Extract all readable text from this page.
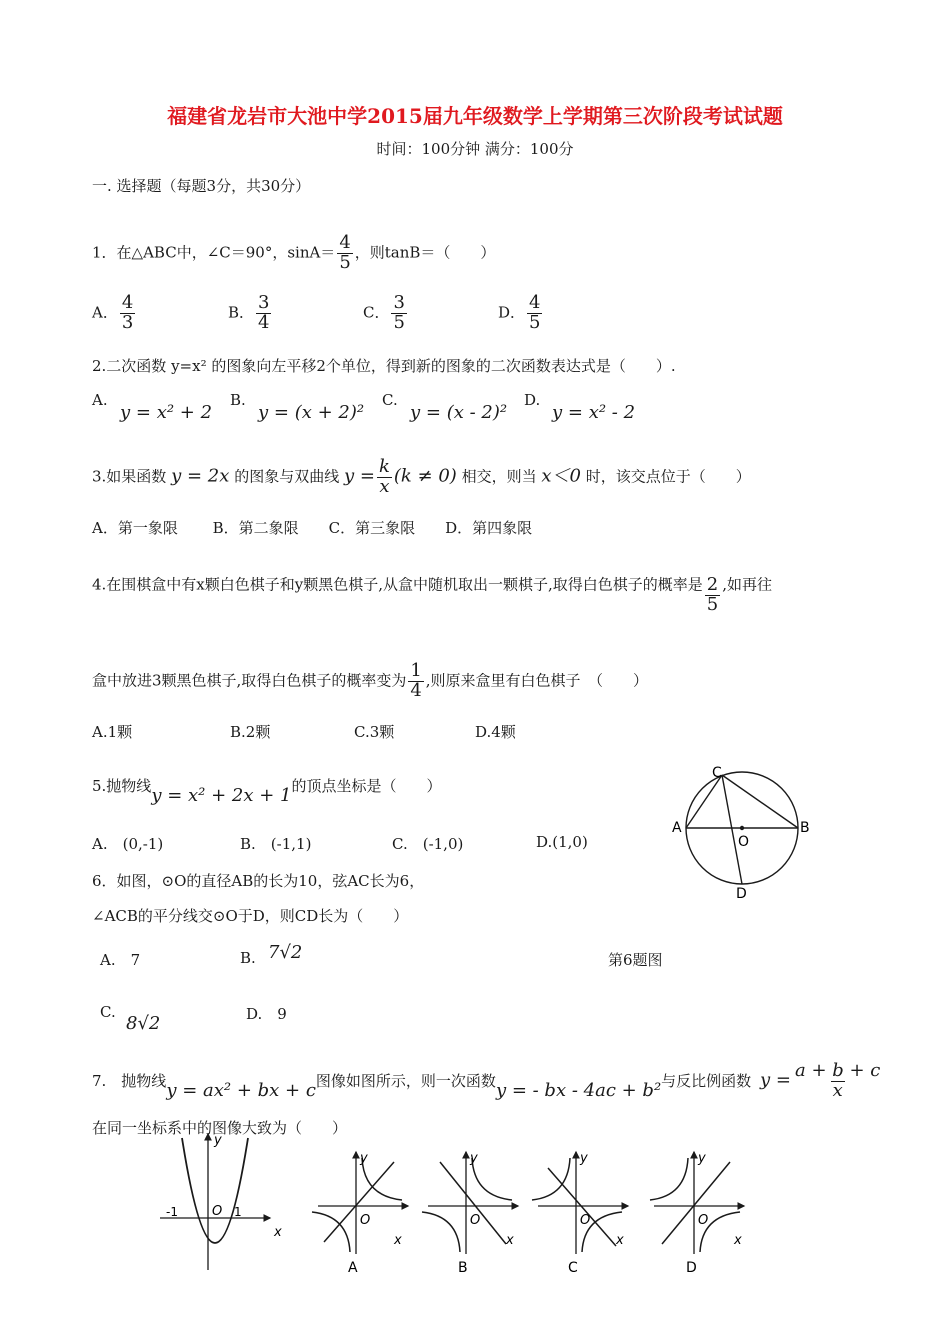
福建省龙岩市大池中学2015届九年级数学上学期第三次阶段考试试题
时间：100分钟 满分：100分
一. 选择题（每题3分，共30分）
1．在△ABC中，∠C＝90°，$\sin A= \frac{4}{5}$ ，则tanB＝（　　）
A． $\frac{4}{3}$	B． $\frac{3}{4}$	C． $\frac{3}{5}$	D． $\frac{4}{5}$
2.二次函数 y=x² 的图象向左平移2个单位，得到新的图象的二次函数表达式是（　　）.
A.
y = x² + 2
B.
y = (x + 2)²
C.
y = (x - 2)²
D.
y = x² - 2
3.如果函数 y = 2x 的图象与双曲线 $y = \frac{k}{x} (k \ne 0)$ 相交，则当 x＜0 时，该交点位于（　　）
A．第一象限　　 B．第二象限　　C．第三象限　　D．第四象限
4.在围棋盒中有x颗白色棋子和y颗黑色棋子,从盒中随机取出一颗棋子,取得白色棋子的概率是 $\frac{2}{5}$ ,如再往
盒中放进3颗黑色棋子,取得白色棋子的概率变为 $\frac{1}{4}$ ,则原来盒里有白色棋子　（　　）
A.1颗	B.2颗	C.3颗	D.4颗
5.抛物线y = x² + 2x + 1的顶点坐标是（　　）
A.　(0,-1)	B.　(-1,1)	C.　(-1,0)	D.(1,0)
6．如图，⊙O的直径AB的长为10，弦AC长为6，
∠ACB的平分线交⊙O于D，则CD长为（　　）
A.　7	B. 7√2	第6题图
C.
8√2	D.　9
C
A	B
O
D
7.　抛物线y = ax² + bx + c图像如图所示，则一次函数y = - bx - 4ac + b²与反比例函数 $y = \frac{a + b + c}{x}$
在同一坐标系中的图像大致为（　　）
y
O
-1	1
x
y
O
x
A
y
O
x
B
y
O
x
C
y
O
x
D
